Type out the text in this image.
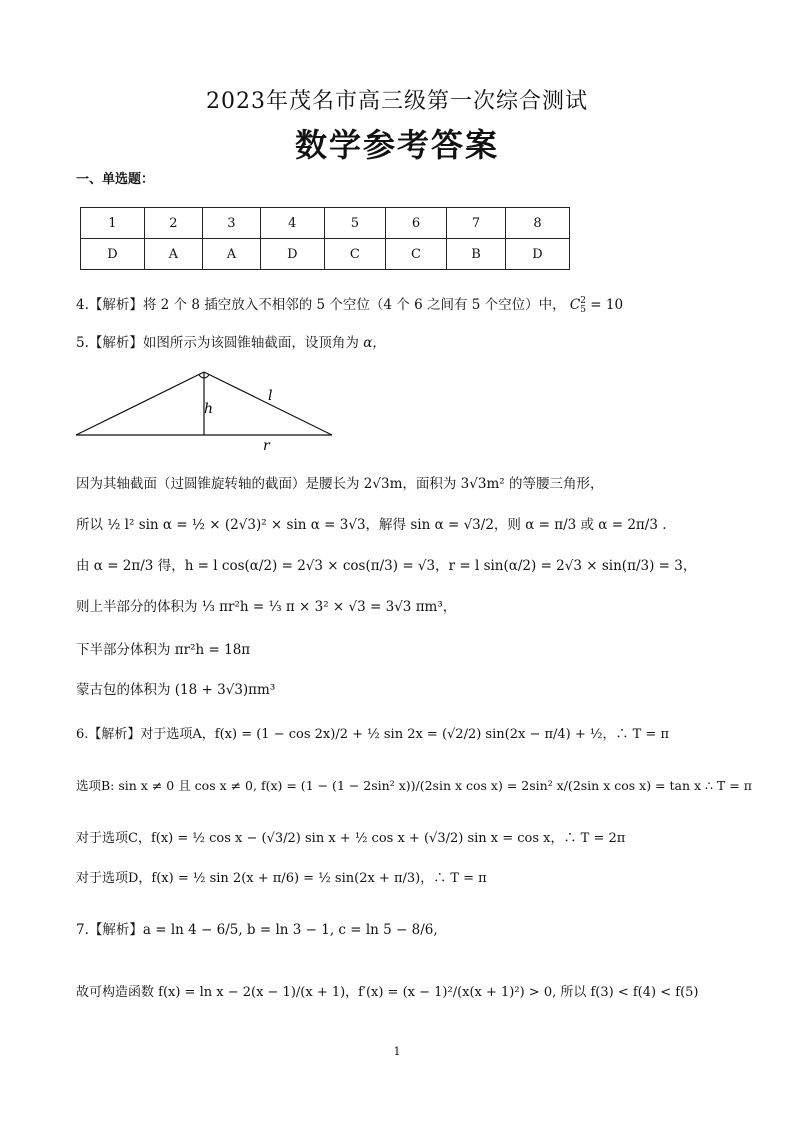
2023年茂名市高三级第一次综合测试
数学参考答案
一、单选题：
1	2	3	4	5	6	7	8
D	A	A	D	C	C	B	D
4.【解析】将 2 个 8 插空放入不相邻的 5 个空位（4 个 6 之间有 5 个空位）中， C 2
5 = 10
5.【解析】如图所示为该圆锥轴截面，设顶角为 α，
h
l
r
因为其轴截面（过圆锥旋转轴的截面）是腰长为 2√3m，面积为 3√3m² 的等腰三角形，
所以 ½ l² sin α = ½ × (2√3)² × sin α = 3√3，解得 sin α = √3/2，则 α = π/3 或 α = 2π/3 .
由 α = 2π/3 得，h = l cos(α/2) = 2√3 × cos(π/3) = √3，r = l sin(α/2) = 2√3 × sin(π/3) = 3，
则上半部分的体积为 ⅓ πr²h = ⅓ π × 3² × √3 = 3√3 πm³，
下半部分体积为 πr²h = 18π
蒙古包的体积为 (18 + 3√3)πm³
6.【解析】对于选项A，f(x) = (1 − cos 2x)/2 + ½ sin 2x = (√2/2) sin(2x − π/4) + ½，∴ T = π
选项B: sin x ≠ 0 且 cos x ≠ 0, f(x) = (1 − (1 − 2sin² x))/(2sin x cos x) = 2sin² x/(2sin x cos x) = tan x ∴ T = π
对于选项C，f(x) = ½ cos x − (√3/2) sin x + ½ cos x + (√3/2) sin x = cos x，∴ T = 2π
对于选项D，f(x) = ½ sin 2(x + π/6) = ½ sin(2x + π/3)，∴ T = π
7.【解析】a = ln 4 − 6/5, b = ln 3 − 1, c = ln 5 − 8/6,
故可构造函数 f(x) = ln x − 2(x − 1)/(x + 1)，f′(x) = (x − 1)²/(x(x + 1)²) > 0, 所以 f(3) < f(4) < f(5)
1
